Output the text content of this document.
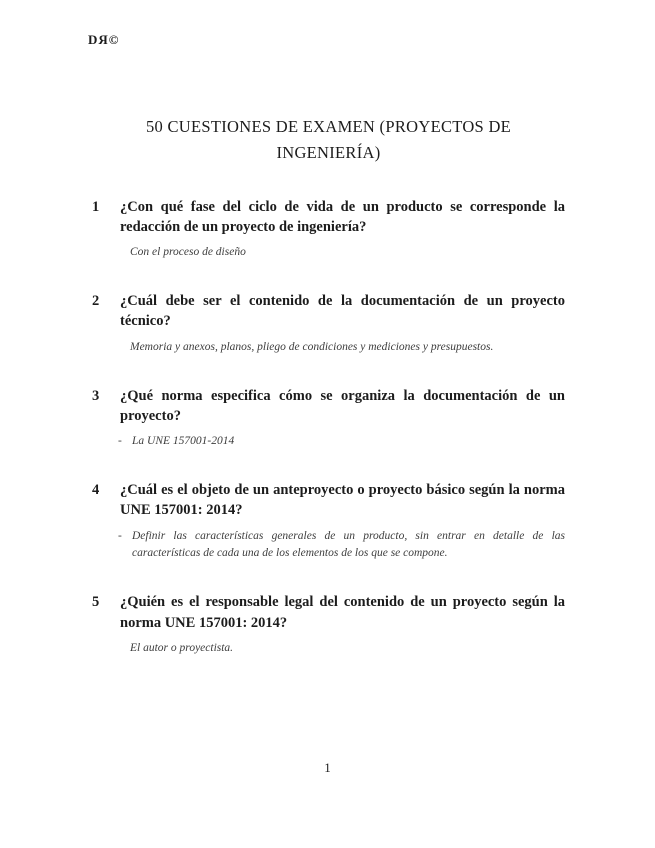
DЯ©
50 CUESTIONES DE EXAMEN (PROYECTOS DE INGENIERÍA)
1	¿Con qué fase del ciclo de vida de un producto se corresponde la redacción de un proyecto de ingeniería?
Con el proceso de diseño
2	¿Cuál debe ser el contenido de la documentación de un proyecto técnico?
Memoria y anexos, planos, pliego de condiciones y mediciones y presupuestos.
3	¿Qué norma especifica cómo se organiza la documentación de un proyecto?
- La UNE 157001-2014
4	¿Cuál es el objeto de un anteproyecto o proyecto básico según la norma UNE 157001: 2014?
- Definir las características generales de un producto, sin entrar en detalle de las características de cada una de los elementos de los que se compone.
5	¿Quién es el responsable legal del contenido de un proyecto según la norma UNE 157001: 2014?
El autor o proyectista.
1
